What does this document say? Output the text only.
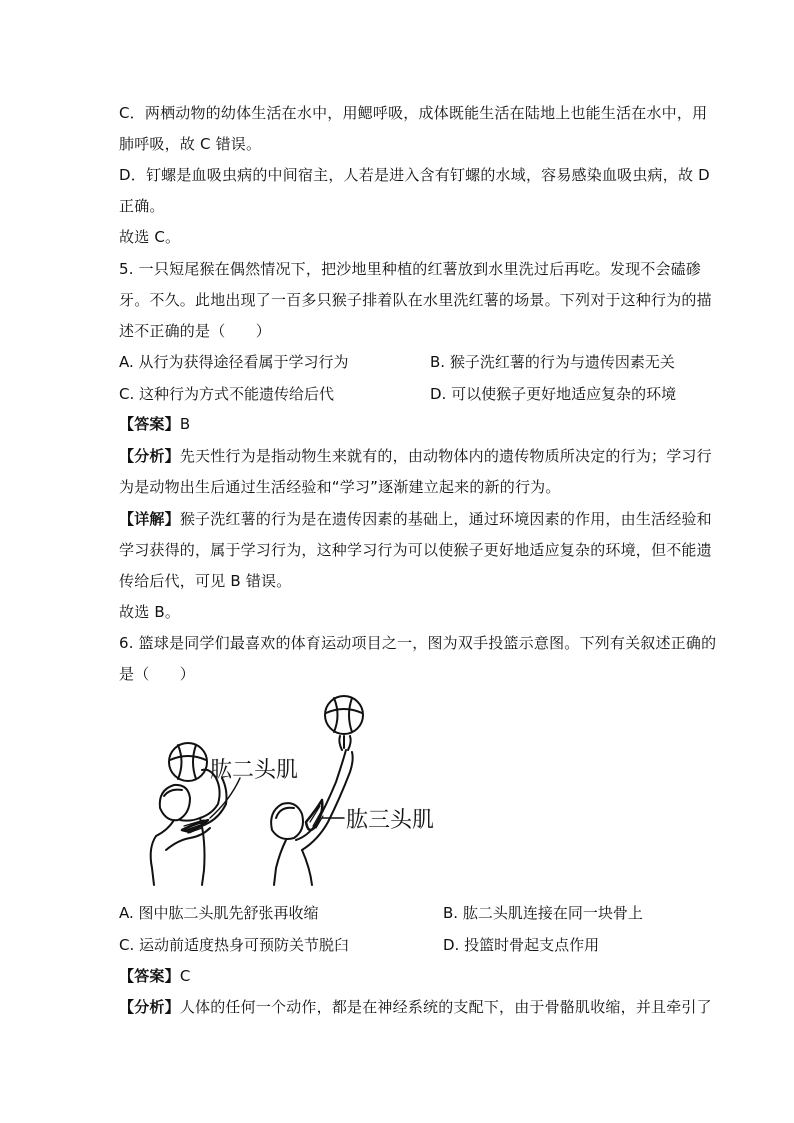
C．两栖动物的幼体生活在水中，用鳃呼吸，成体既能生活在陆地上也能生活在水中，用
肺呼吸，故 C 错误。
D．钉螺是血吸虫病的中间宿主，人若是进入含有钉螺的水域，容易感染血吸虫病，故 D
正确。
故选 C。
5. 一只短尾猴在偶然情况下，把沙地里种植的红薯放到水里洗过后再吃。发现不会磕碜
牙。不久。此地出现了一百多只猴子排着队在水里洗红薯的场景。下列对于这种行为的描
述不正确的是（　　）
A. 从行为获得途径看属于学习行为	B. 猴子洗红薯的行为与遗传因素无关
C. 这种行为方式不能遗传给后代	D. 可以使猴子更好地适应复杂的环境
【答案】B
【分析】先天性行为是指动物生来就有的，由动物体内的遗传物质所决定的行为；学习行
为是动物出生后通过生活经验和“学习”逐渐建立起来的新的行为。
【详解】猴子洗红薯的行为是在遗传因素的基础上，通过环境因素的作用，由生活经验和
学习获得的，属于学习行为，这种学习行为可以使猴子更好地适应复杂的环境，但不能遗
传给后代，可见 B 错误。
故选 B。
6. 篮球是同学们最喜欢的体育运动项目之一，图为双手投篮示意图。下列有关叙述正确的
是（　　）
肱二头肌
肱三头肌
A. 图中肱二头肌先舒张再收缩	B. 肱二头肌连接在同一块骨上
C. 运动前适度热身可预防关节脱臼	D. 投篮时骨起支点作用
【答案】C
【分析】人体的任何一个动作，都是在神经系统的支配下，由于骨骼肌收缩，并且牵引了
